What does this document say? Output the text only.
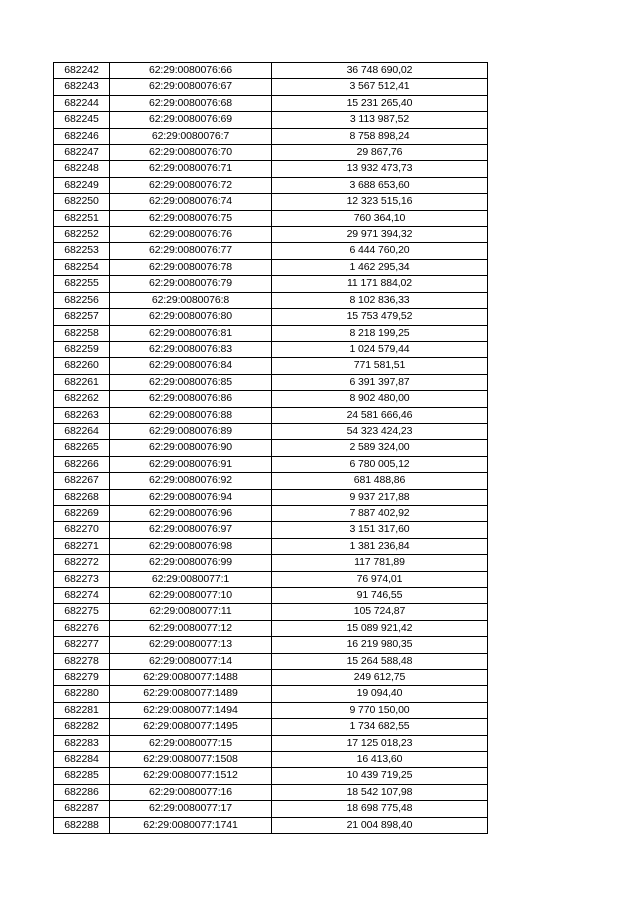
682242	62:29:0080076:66	36 748 690,02
682243	62:29:0080076:67	3 567 512,41
682244	62:29:0080076:68	15 231 265,40
682245	62:29:0080076:69	3 113 987,52
682246	62:29:0080076:7	8 758 898,24
682247	62:29:0080076:70	29 867,76
682248	62:29:0080076:71	13 932 473,73
682249	62:29:0080076:72	3 688 653,60
682250	62:29:0080076:74	12 323 515,16
682251	62:29:0080076:75	760 364,10
682252	62:29:0080076:76	29 971 394,32
682253	62:29:0080076:77	6 444 760,20
682254	62:29:0080076:78	1 462 295,34
682255	62:29:0080076:79	11 171 884,02
682256	62:29:0080076:8	8 102 836,33
682257	62:29:0080076:80	15 753 479,52
682258	62:29:0080076:81	8 218 199,25
682259	62:29:0080076:83	1 024 579,44
682260	62:29:0080076:84	771 581,51
682261	62:29:0080076:85	6 391 397,87
682262	62:29:0080076:86	8 902 480,00
682263	62:29:0080076:88	24 581 666,46
682264	62:29:0080076:89	54 323 424,23
682265	62:29:0080076:90	2 589 324,00
682266	62:29:0080076:91	6 780 005,12
682267	62:29:0080076:92	681 488,86
682268	62:29:0080076:94	9 937 217,88
682269	62:29:0080076:96	7 887 402,92
682270	62:29:0080076:97	3 151 317,60
682271	62:29:0080076:98	1 381 236,84
682272	62:29:0080076:99	117 781,89
682273	62:29:0080077:1	76 974,01
682274	62:29:0080077:10	91 746,55
682275	62:29:0080077:11	105 724,87
682276	62:29:0080077:12	15 089 921,42
682277	62:29:0080077:13	16 219 980,35
682278	62:29:0080077:14	15 264 588,48
682279	62:29:0080077:1488	249 612,75
682280	62:29:0080077:1489	19 094,40
682281	62:29:0080077:1494	9 770 150,00
682282	62:29:0080077:1495	1 734 682,55
682283	62:29:0080077:15	17 125 018,23
682284	62:29:0080077:1508	16 413,60
682285	62:29:0080077:1512	10 439 719,25
682286	62:29:0080077:16	18 542 107,98
682287	62:29:0080077:17	18 698 775,48
682288	62:29:0080077:1741	21 004 898,40
